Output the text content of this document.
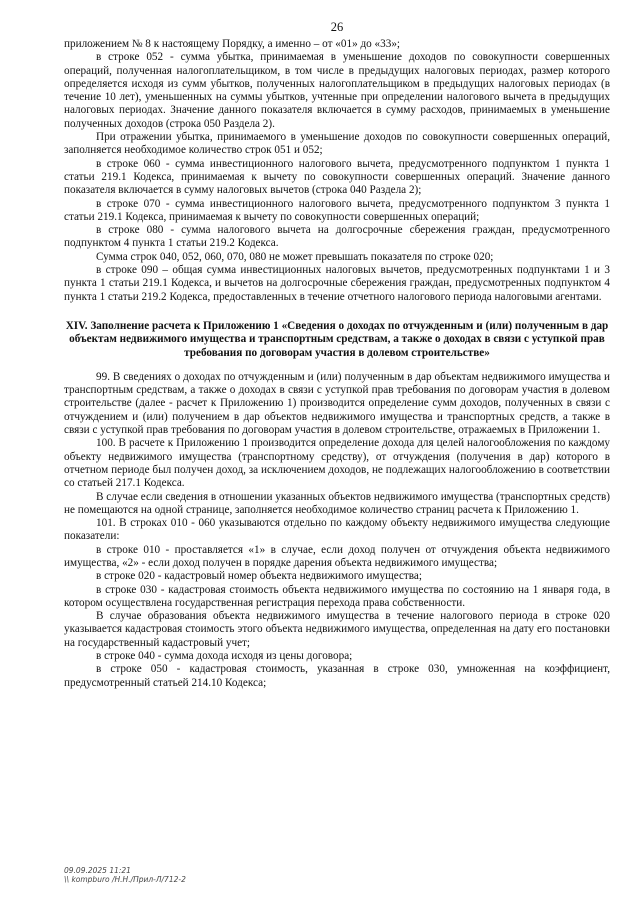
26

приложением № 8 к настоящему Порядку, а именно – от «01» до «33»;

в строке 052 - сумма убытка, принимаемая в уменьшение доходов по совокупности совершенных операций, полученная налогоплательщиком, в том числе в предыдущих налоговых периодах, размер которого определяется исходя из сумм убытков, полученных налогоплательщиком в предыдущих налоговых периодах (в течение 10 лет), уменьшенных на суммы убытков, учтенные при определении налогового вычета в предыдущих налоговых периодах. Значение данного показателя включается в сумму расходов, принимаемых в уменьшение полученных доходов (строка 050 Раздела 2).

При отражении убытка, принимаемого в уменьшение доходов по совокупности совершенных операций, заполняется необходимое количество строк 051 и 052;

в строке 060 - сумма инвестиционного налогового вычета, предусмотренного подпунктом 1 пункта 1 статьи 219.1 Кодекса, принимаемая к вычету по совокупности совершенных операций. Значение данного показателя включается в сумму налоговых вычетов (строка 040 Раздела 2);

в строке 070 - сумма инвестиционного налогового вычета, предусмотренного подпунктом 3 пункта 1 статьи 219.1 Кодекса, принимаемая к вычету по совокупности совершенных операций;

в строке 080 - сумма налогового вычета на долгосрочные сбережения граждан, предусмотренного подпунктом 4 пункта 1 статьи 219.2 Кодекса.

Сумма строк 040, 052, 060, 070, 080 не может превышать показателя по строке 020;

в строке 090 – общая сумма инвестиционных налоговых вычетов, предусмотренных подпунктами 1 и 3 пункта 1 статьи 219.1 Кодекса, и вычетов на долгосрочные сбережения граждан, предусмотренных подпунктом 4 пункта 1 статьи 219.2 Кодекса, предоставленных в течение отчетного налогового периода налоговыми агентами.

XIV. Заполнение расчета к Приложению 1 «Сведения о доходах по отчужденным и (или) полученным в дар объектам недвижимого имущества и транспортным средствам, а также о доходах в связи с уступкой прав требования по договорам участия в долевом строительстве»

99. В сведениях о доходах по отчужденным и (или) полученным в дар объектам недвижимого имущества и транспортным средствам, а также о доходах в связи с уступкой прав требования по договорам участия в долевом строительстве (далее - расчет к Приложению 1) производится определение сумм доходов, полученных в связи с отчуждением и (или) получением в дар объектов недвижимого имущества и транспортных средств, а также в связи с уступкой прав требования по договорам участия в долевом строительстве, отражаемых в Приложении 1.

100. В расчете к Приложению 1 производится определение дохода для целей налогообложения по каждому объекту недвижимого имущества (транспортному средству), от отчуждения (получения в дар) которого в отчетном периоде был получен доход, за исключением доходов, не подлежащих налогообложению в соответствии со статьей 217.1 Кодекса.

В случае если сведения в отношении указанных объектов недвижимого имущества (транспортных средств) не помещаются на одной странице, заполняется необходимое количество страниц расчета к Приложению 1.

101. В строках 010 - 060 указываются отдельно по каждому объекту недвижимого имущества следующие показатели:

в строке 010 - проставляется «1» в случае, если доход получен от отчуждения объекта недвижимого имущества, «2» - если доход получен в порядке дарения объекта недвижимого имущества;

в строке 020 - кадастровый номер объекта недвижимого имущества;

в строке 030 - кадастровая стоимость объекта недвижимого имущества по состоянию на 1 января года, в котором осуществлена государственная регистрация перехода права собственности.

В случае образования объекта недвижимого имущества в течение налогового периода в строке 020 указывается кадастровая стоимость этого объекта недвижимого имущества, определенная на дату его постановки на государственный кадастровый учет;

в строке 040 - сумма дохода исходя из цены договора;

в строке 050 - кадастровая стоимость, указанная в строке 030, умноженная на коэффициент, предусмотренный статьей 214.10 Кодекса;

09.09.2025 11:21
\\ kompburo /Н.Н./Прил-Л/712-2
